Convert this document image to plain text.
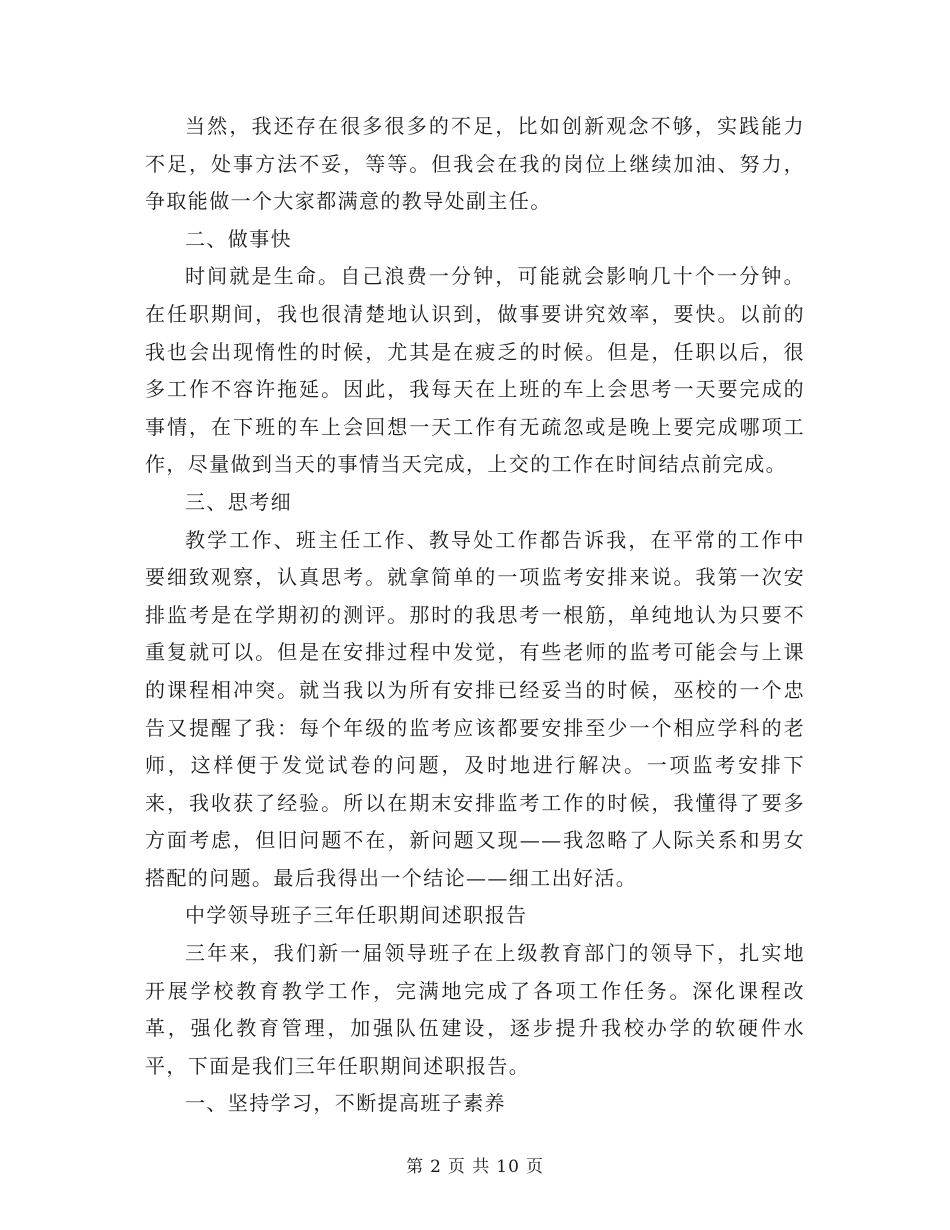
当然，我还存在很多很多的不足，比如创新观念不够，实践能力不足，处事方法不妥，等等。但我会在我的岗位上继续加油、努力，争取能做一个大家都满意的教导处副主任。

二、做事快

时间就是生命。自己浪费一分钟，可能就会影响几十个一分钟。在任职期间，我也很清楚地认识到，做事要讲究效率，要快。以前的我也会出现惰性的时候，尤其是在疲乏的时候。但是，任职以后，很多工作不容许拖延。因此，我每天在上班的车上会思考一天要完成的事情，在下班的车上会回想一天工作有无疏忽或是晚上要完成哪项工作，尽量做到当天的事情当天完成，上交的工作在时间结点前完成。

三、思考细

教学工作、班主任工作、教导处工作都告诉我，在平常的工作中要细致观察，认真思考。就拿简单的一项监考安排来说。我第一次安排监考是在学期初的测评。那时的我思考一根筋，单纯地认为只要不重复就可以。但是在安排过程中发觉，有些老师的监考可能会与上课的课程相冲突。就当我以为所有安排已经妥当的时候，巫校的一个忠告又提醒了我：每个年级的监考应该都要安排至少一个相应学科的老师，这样便于发觉试卷的问题，及时地进行解决。一项监考安排下来，我收获了经验。所以在期末安排监考工作的时候，我懂得了要多方面考虑，但旧问题不在，新问题又现——我忽略了人际关系和男女搭配的问题。最后我得出一个结论——细工出好活。

中学领导班子三年任职期间述职报告

三年来，我们新一届领导班子在上级教育部门的领导下，扎实地开展学校教育教学工作，完满地完成了各项工作任务。深化课程改革，强化教育管理，加强队伍建设，逐步提升我校办学的软硬件水平，下面是我们三年任职期间述职报告。

一、坚持学习，不断提高班子素养

第 2 页 共 10 页
